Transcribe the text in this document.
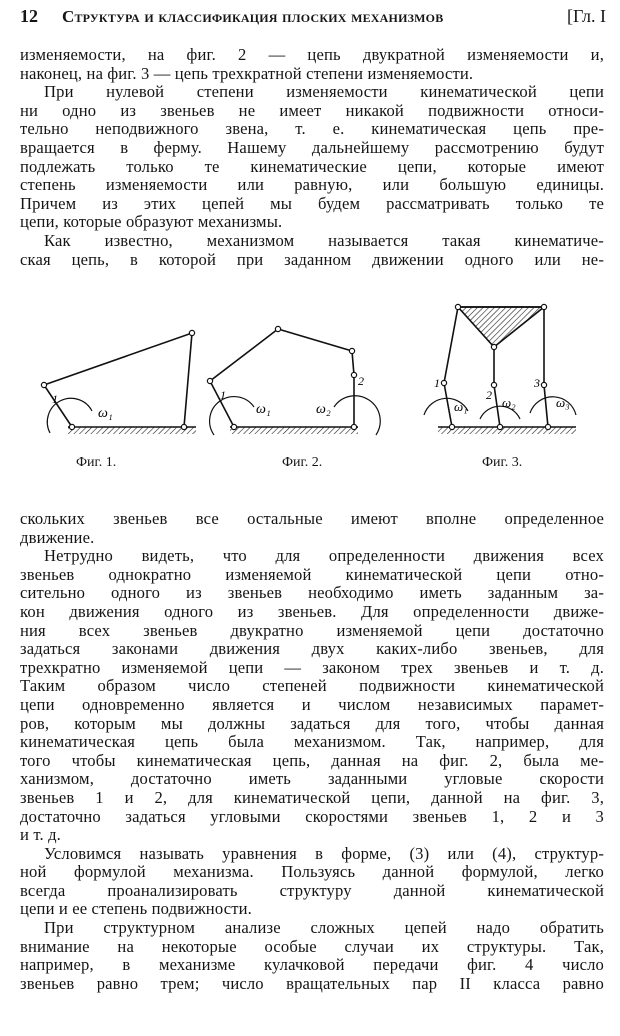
12	Структура и классификация плоских механизмов	[Гл. I
изменяемости, на фиг. 2 — цепь двукратной изменяемости и,
наконец, на фиг. 3 — цепь трехкратной степени изменяемости.
При нулевой степени изменяемости кинематической цепи
ни одно из звеньев не имеет никакой подвижности относи-
тельно неподвижного звена, т. е. кинематическая цепь пре-
вращается в ферму. Нашему дальнейшему рассмотрению будут
подлежать только те кинематические цепи, которые имеют
степень изменяемости или равную, или большую единицы.
Причем из этих цепей мы будем рассматривать только те
цепи, которые образуют механизмы.
Как известно, механизмом называется такая кинематиче-
ская цепь, в которой при заданном движении одного или не-
1
ω₁
1
2
ω₁	ω₂
1
2
3
ω₁	ω₂	ω₃
Фиг. 1.	Фиг. 2.	Фиг. 3.
скольких звеньев все остальные имеют вполне определенное
движение.
Нетрудно видеть, что для определенности движения всех
звеньев однократно изменяемой кинематической цепи отно-
сительно одного из звеньев необходимо иметь заданным за-
кон движения одного из звеньев. Для определенности движе-
ния всех звеньев двукратно изменяемой цепи достаточно
задаться законами движения двух каких-либо звеньев, для
трехкратно изменяемой цепи — законом трех звеньев и т. д.
Таким образом число степеней подвижности кинематической
цепи одновременно является и числом независимых парамет-
ров, которым мы должны задаться для того, чтобы данная
кинематическая цепь была механизмом. Так, например, для
того чтобы кинематическая цепь, данная на фиг. 2, была ме-
ханизмом, достаточно иметь заданными угловые скорости
звеньев 1 и 2, для кинематической цепи, данной на фиг. 3,
достаточно задаться угловыми скоростями звеньев 1, 2 и 3
и т. д.
Условимся называть уравнения в форме, (3) или (4), структур-
ной формулой механизма. Пользуясь данной формулой, легко
всегда проанализировать структуру данной кинематической
цепи и ее степень подвижности.
При структурном анализе сложных цепей надо обратить
внимание на некоторые особые случаи их структуры. Так,
например, в механизме кулачковой передачи фиг. 4 число
звеньев равно трем; число вращательных пар II класса равно
